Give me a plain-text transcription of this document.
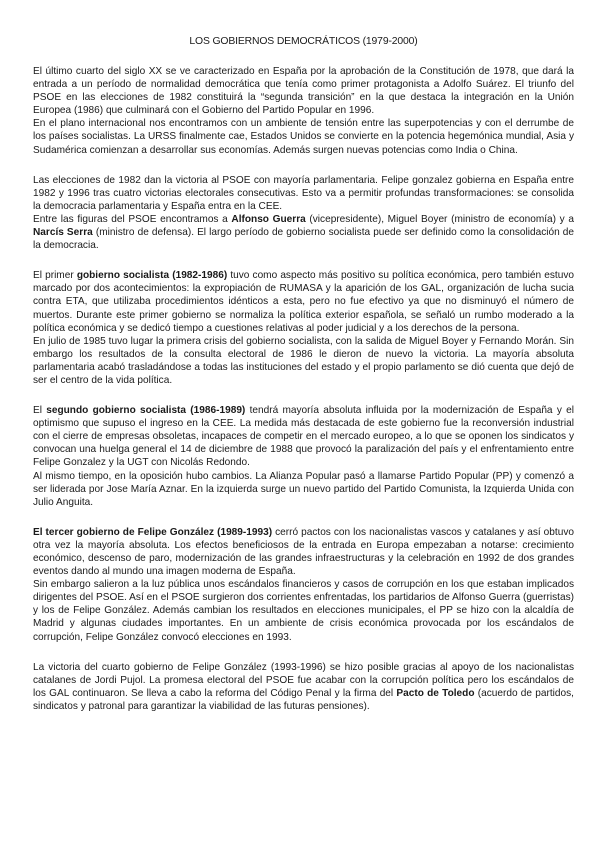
LOS GOBIERNOS DEMOCRÁTICOS (1979-2000)

El último cuarto del siglo XX se ve caracterizado en España por la aprobación de la Constitución de 1978, que dará la entrada a un período de normalidad democrática que tenía como primer protagonista a Adolfo Suárez. El triunfo del PSOE en las elecciones de 1982 constituirá la “segunda transición” en la que destaca la integración en la Unión Europea (1986) que culminará con el Gobierno del Partido Popular en 1996.

En el plano internacional nos encontramos con un ambiente de tensión entre las superpotencias y con el derrumbe de los países socialistas. La URSS finalmente cae, Estados Unidos se convierte en la potencia hegemónica mundial, Asia y Sudamérica comienzan a desarrollar sus economías. Además surgen nuevas potencias como India o China.

Las elecciones de 1982 dan la victoria al PSOE con mayoría parlamentaria. Felipe gonzalez gobierna en España entre 1982 y 1996 tras cuatro victorias electorales consecutivas. Esto va a permitir profundas transformaciones: se consolida la democracia parlamentaria y España entra en la CEE.

Entre las figuras del PSOE encontramos a Alfonso Guerra (vicepresidente), Miguel Boyer (ministro de economía) y a Narcís Serra (ministro de defensa). El largo período de gobierno socialista puede ser definido como la consolidación de la democracia.

El primer gobierno socialista (1982-1986) tuvo como aspecto más positivo su política económica, pero también estuvo marcado por dos acontecimientos: la expropiación de RUMASA y la aparición de los GAL, organización de lucha sucia contra ETA, que utilizaba procedimientos idénticos a esta, pero no fue efectivo ya que no disminuyó el número de muertos. Durante este primer gobierno se normaliza la política exterior española, se señaló un rumbo moderado a la política económica y se dedicó tiempo a cuestiones relativas al poder judicial y a los derechos de la persona.

En julio de 1985 tuvo lugar la primera crisis del gobierno socialista, con la salida de Miguel Boyer y Fernando Morán. Sin embargo los resultados de la consulta electoral de 1986 le dieron de nuevo la victoria. La mayoría absoluta parlamentaria acabó trasladándose a todas las instituciones del estado y el propio parlamento se dió cuenta que dejó de ser el centro de la vida política.

El segundo gobierno socialista (1986-1989) tendrá mayoría absoluta influida por la modernización de España y el optimismo que supuso el ingreso en la CEE. La medida más destacada de este gobierno fue la reconversión industrial con el cierre de empresas obsoletas, incapaces de competir en el mercado europeo, a lo que se oponen los sindicatos y convocan una huelga general el 14 de diciembre de 1988 que provocó la paralización del país y el enfrentamiento entre Felipe Gonzalez y la UGT con Nicolás Redondo.

Al mismo tiempo, en la oposición hubo cambios. La Alianza Popular pasó a llamarse Partido Popular (PP) y comenzó a ser liderada por Jose María Aznar. En la izquierda surge un nuevo partido del Partido Comunista, la Izquierda Unida con Julio Anguita.

El tercer gobierno de Felipe González (1989-1993) cerró pactos con los nacionalistas vascos y catalanes y así obtuvo otra vez la mayoría absoluta. Los efectos beneficiosos de la entrada en Europa empezaban a notarse: crecimiento económico, descenso de paro, modernización de las grandes infraestructuras y la celebración en 1992 de dos grandes eventos dando al mundo una imagen moderna de España.

Sin embargo salieron a la luz pública unos escándalos financieros y casos de corrupción en los que estaban implicados dirigentes del PSOE. Así en el PSOE surgieron dos corrientes enfrentadas, los partidarios de Alfonso Guerra (guerristas) y los de Felipe González. Además cambian los resultados en elecciones municipales, el PP se hizo con la alcaldía de Madrid y algunas ciudades importantes. En un ambiente de crisis económica provocada por los escándalos de corrupción, Felipe González convocó elecciones en 1993.

La victoria del cuarto gobierno de Felipe González (1993-1996) se hizo posible gracias al apoyo de los nacionalistas catalanes de Jordi Pujol. La promesa electoral del PSOE fue acabar con la corrupción política pero los escándalos de los GAL continuaron. Se lleva a cabo la reforma del Código Penal y la firma del Pacto de Toledo (acuerdo de partidos, sindicatos y patronal para garantizar la viabilidad de las futuras pensiones).
